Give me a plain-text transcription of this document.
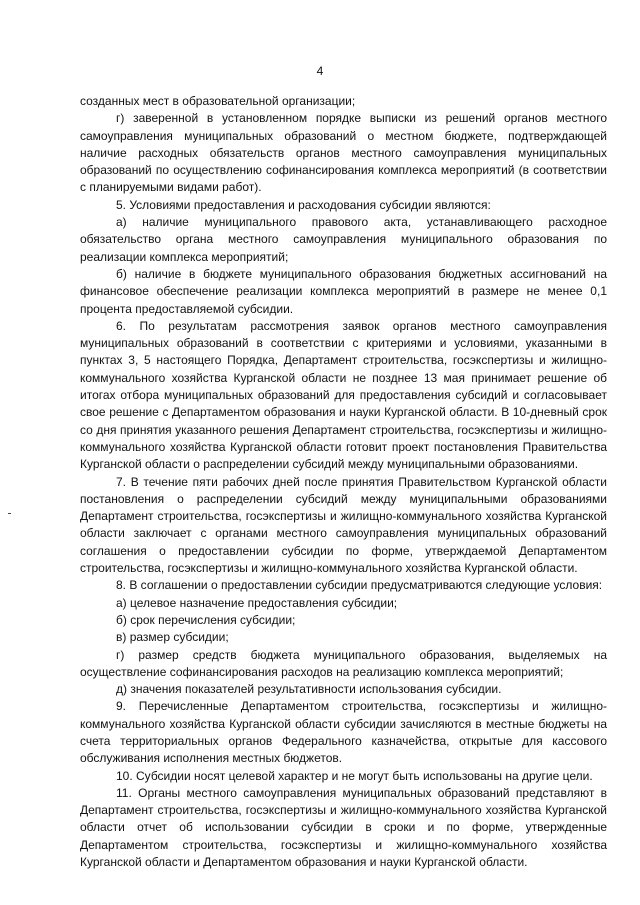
4

созданных мест в образовательной организации;

г) заверенной в установленном порядке выписки из решений органов местного самоуправления муниципальных образований о местном бюджете, подтверждающей наличие расходных обязательств органов местного самоуправления муниципальных образований по осуществлению софинансирования комплекса мероприятий (в соответствии с планируемыми видами работ).

5. Условиями предоставления и расходования субсидии являются:

а) наличие муниципального правового акта, устанавливающего расходное обязательство органа местного самоуправления муниципального образования по реализации комплекса мероприятий;

б) наличие в бюджете муниципального образования бюджетных ассигнований на финансовое обеспечение реализации комплекса мероприятий в размере не менее 0,1 процента предоставляемой субсидии.

6. По результатам рассмотрения заявок органов местного самоуправления муниципальных образований в соответствии с критериями и условиями, указанными в пунктах 3, 5 настоящего Порядка, Департамент строительства, госэкспертизы и жилищно-коммунального хозяйства Курганской области не позднее 13 мая принимает решение об итогах отбора муниципальных образований для предоставления субсидий и согласовывает свое решение с Департаментом образования и науки Курганской области. В 10-дневный срок со дня принятия указанного решения Департамент строительства, госэкспертизы и жилищно-коммунального хозяйства Курганской области готовит проект постановления Правительства Курганской области о распределении субсидий между муниципальными образованиями.

7. В течение пяти рабочих дней после принятия Правительством Курганской области постановления о распределении субсидий между муниципальными образованиями Департамент строительства, госэкспертизы и жилищно-коммунального хозяйства Курганской области заключает с органами местного самоуправления муниципальных образований соглашения о предоставлении субсидии по форме, утверждаемой Департаментом строительства, госэкспертизы и жилищно-коммунального хозяйства Курганской области.

8. В соглашении о предоставлении субсидии предусматриваются следующие условия:

а) целевое назначение предоставления субсидии;

б) срок перечисления субсидии;

в) размер субсидии;

г) размер средств бюджета муниципального образования, выделяемых на осуществление софинансирования расходов на реализацию комплекса мероприятий;

д) значения показателей результативности использования субсидии.

9. Перечисленные Департаментом строительства, госэкспертизы и жилищно-коммунального хозяйства Курганской области субсидии зачисляются в местные бюджеты на счета территориальных органов Федерального казначейства, открытые для кассового обслуживания исполнения местных бюджетов.

10. Субсидии носят целевой характер и не могут быть использованы на другие цели.

11. Органы местного самоуправления муниципальных образований представляют в Департамент строительства, госэкспертизы и жилищно-коммунального хозяйства Курганской области отчет об использовании субсидии в сроки и по форме, утвержденные Департаментом строительства, госэкспертизы и жилищно-коммунального хозяйства Курганской области и Департаментом образования и науки Курганской области.
